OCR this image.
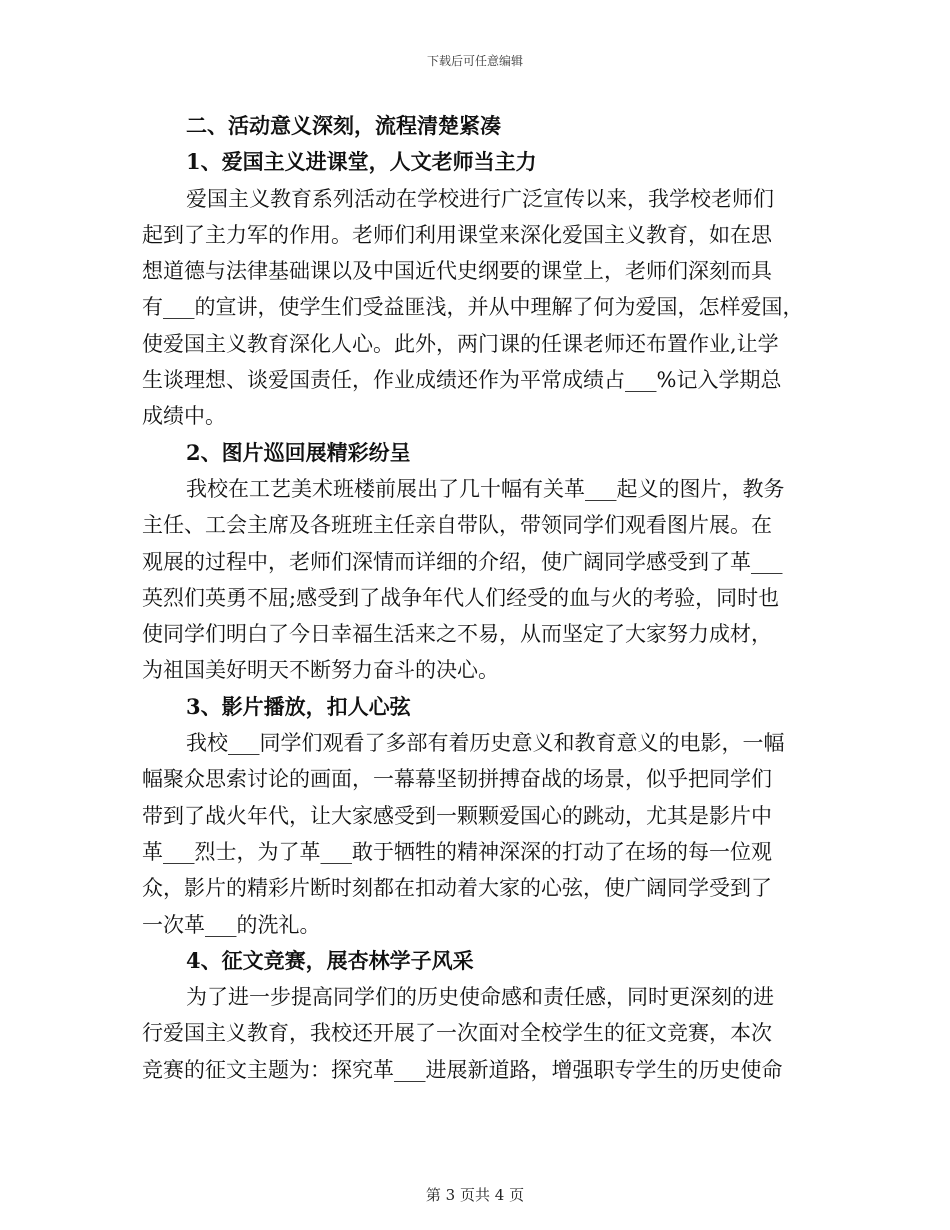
下载后可任意编辑
二、活动意义深刻，流程清楚紧凑
1、爱国主义进课堂，人文老师当主力
爱国主义教育系列活动在学校进行广泛宣传以来，我学校老师们
起到了主力军的作用。老师们利用课堂来深化爱国主义教育，如在思
想道德与法律基础课以及中国近代史纲要的课堂上，老师们深刻而具
有___的宣讲，使学生们受益匪浅，并从中理解了何为爱国，怎样爱国，
使爱国主义教育深化人心。此外，两门课的任课老师还布置作业,让学
生谈理想、谈爱国责任，作业成绩还作为平常成绩占___%记入学期总
成绩中。
2、图片巡回展精彩纷呈
我校在工艺美术班楼前展出了几十幅有关革___起义的图片，教务
主任、工会主席及各班班主任亲自带队，带领同学们观看图片展。在
观展的过程中，老师们深情而详细的介绍，使广阔同学感受到了革___
英烈们英勇不屈;感受到了战争年代人们经受的血与火的考验，同时也
使同学们明白了今日幸福生活来之不易，从而坚定了大家努力成材，
为祖国美好明天不断努力奋斗的决心。
3、影片播放，扣人心弦
我校___同学们观看了多部有着历史意义和教育意义的电影，一幅
幅聚众思索讨论的画面，一幕幕坚韧拼搏奋战的场景，似乎把同学们
带到了战火年代，让大家感受到一颗颗爱国心的跳动，尤其是影片中
革___烈士，为了革___敢于牺牲的精神深深的打动了在场的每一位观
众，影片的精彩片断时刻都在扣动着大家的心弦，使广阔同学受到了
一次革___的洗礼。
4、征文竞赛，展杏林学子风采
为了进一步提高同学们的历史使命感和责任感，同时更深刻的进
行爱国主义教育，我校还开展了一次面对全校学生的征文竞赛，本次
竞赛的征文主题为：探究革___进展新道路，增强职专学生的历史使命
第 3 页共 4 页
